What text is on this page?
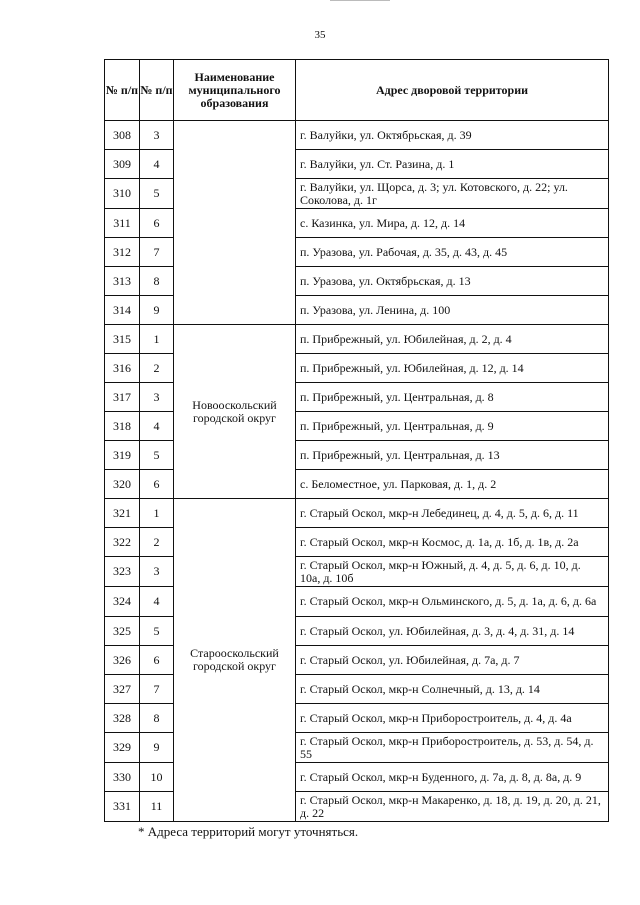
35
№ п/п	№ п/п	Наименование муниципального образования	Адрес дворовой территории
308	3		г. Валуйки, ул. Октябрьская, д. 39
309	4		г. Валуйки, ул. Ст. Разина, д. 1
310	5		г. Валуйки, ул. Щорса, д. 3; ул. Котовского, д. 22; ул. Соколова, д. 1г
311	6		с. Казинка, ул. Мира, д. 12, д. 14
312	7		п. Уразова, ул. Рабочая, д. 35, д. 43, д. 45
313	8		п. Уразова, ул. Октябрьская, д. 13
314	9		п. Уразова, ул. Ленина, д. 100
315	1	Новооскольский городской округ	п. Прибрежный, ул. Юбилейная, д. 2, д. 4
316	2		п. Прибрежный, ул. Юбилейная, д. 12, д. 14
317	3		п. Прибрежный, ул. Центральная, д. 8
318	4		п. Прибрежный, ул. Центральная, д. 9
319	5		п. Прибрежный, ул. Центральная, д. 13
320	6		с. Беломестное, ул. Парковая, д. 1, д. 2
321	1	Старооскольский городской округ	г. Старый Оскол, мкр-н Лебединец, д. 4, д. 5, д. 6, д. 11
322	2		г. Старый Оскол, мкр-н Космос, д. 1а, д. 1б, д. 1в, д. 2а
323	3		г. Старый Оскол, мкр-н Южный, д. 4, д. 5, д. 6, д. 10, д. 10а, д. 10б
324	4		г. Старый Оскол, мкр-н Ольминского, д. 5, д. 1а, д. 6, д. 6а
325	5		г. Старый Оскол, ул. Юбилейная, д. 3, д. 4, д. 31, д. 14
326	6		г. Старый Оскол, ул. Юбилейная, д. 7а, д. 7
327	7		г. Старый Оскол, мкр-н Солнечный, д. 13, д. 14
328	8		г. Старый Оскол, мкр-н Приборостроитель, д. 4, д. 4а
329	9		г. Старый Оскол, мкр-н Приборостроитель, д. 53, д. 54, д. 55
330	10		г. Старый Оскол, мкр-н Буденного, д. 7а, д. 8, д. 8а, д. 9
331	11		г. Старый Оскол, мкр-н Макаренко, д. 18, д. 19, д. 20, д. 21, д. 22
* Адреса территорий могут уточняться.
